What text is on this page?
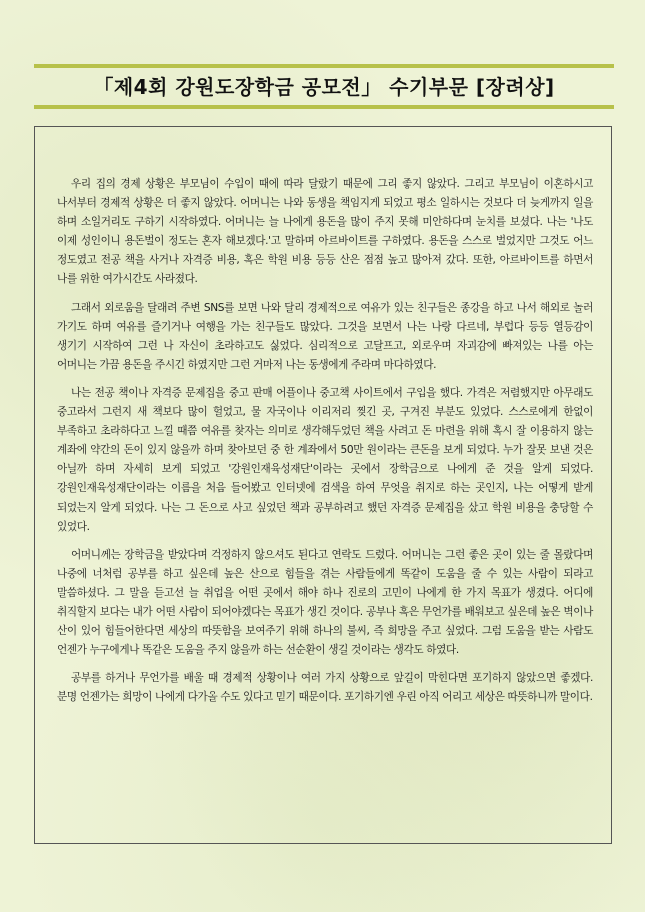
「제4회 강원도장학금 공모전」 수기부문 [장려상]

우리 집의 경제 상황은 부모님이 수입이 때에 따라 달랐기 때문에 그리 좋지 않았다. 그리고 부모님이 이혼하시고 나서부터 경제적 상황은 더 좋지 않았다. 어머니는 나와 동생을 책임지게 되었고 평소 일하시는 것보다 더 늦게까지 일을 하며 소일거리도 구하기 시작하였다. 어머니는 늘 나에게 용돈을 많이 주지 못해 미안하다며 눈치를 보셨다. 나는 '나도 이제 성인이니 용돈벌이 정도는 혼자 해보겠다.'고 말하며 아르바이트를 구하였다. 용돈을 스스로 벌었지만 그것도 어느 정도였고 전공 책을 사거나 자격증 비용, 혹은 학원 비용 등등 산은 점점 높고 많아져 갔다. 또한, 아르바이트를 하면서 나를 위한 여가시간도 사라졌다.

그래서 외로움을 달래려 주변 SNS를 보면 나와 달리 경제적으로 여유가 있는 친구들은 종강을 하고 나서 해외로 놀러 가기도 하며 여유를 즐기거나 여행을 가는 친구들도 많았다. 그것을 보면서 나는 나랑 다르네, 부럽다 등등 열등감이 생기기 시작하여 그런 나 자신이 초라하고도 싫었다. 심리적으로 고달프고, 외로우며 자괴감에 빠져있는 나를 아는 어머니는 가끔 용돈을 주시긴 하였지만 그런 거마저 나는 동생에게 주라며 마다하였다.

나는 전공 책이나 자격증 문제집을 중고 판매 어플이나 중고책 사이트에서 구입을 했다. 가격은 저렴했지만 아무래도 중고라서 그런지 새 책보다 많이 헐었고, 물 자국이나 이리저리 찢긴 곳, 구겨진 부분도 있었다. 스스로에게 한없이 부족하고 초라하다고 느낄 때쯤 여유를 찾자는 의미로 생각해두었던 책을 사려고 돈 마련을 위해 혹시 잘 이용하지 않는 계좌에 약간의 돈이 있지 않을까 하며 찾아보던 중 한 계좌에서 50만 원이라는 큰돈을 보게 되었다. 누가 잘못 보낸 것은 아닐까 하며 자세히 보게 되었고 '강원인재육성재단'이라는 곳에서 장학금으로 나에게 준 것을 알게 되었다. 강원인재육성재단이라는 이름을 처음 들어봤고 인터넷에 검색을 하여 무엇을 취지로 하는 곳인지, 나는 어떻게 받게 되었는지 알게 되었다. 나는 그 돈으로 사고 싶었던 책과 공부하려고 했던 자격증 문제집을 샀고 학원 비용을 충당할 수 있었다.

어머니께는 장학금을 받았다며 걱정하지 않으셔도 된다고 연락도 드렸다. 어머니는 그런 좋은 곳이 있는 줄 몰랐다며 나중에 너처럼 공부를 하고 싶은데 높은 산으로 힘들을 겪는 사람들에게 똑같이 도움을 줄 수 있는 사람이 되라고 말씀하셨다. 그 말을 듣고선 늘 취업을 어떤 곳에서 해야 하나 진로의 고민이 나에게 한 가지 목표가 생겼다. 어디에 취직할지 보다는 내가 어떤 사람이 되어야겠다는 목표가 생긴 것이다. 공부나 혹은 무언가를 배워보고 싶은데 높은 벽이나 산이 있어 힘들어한다면 세상의 따뜻함을 보여주기 위해 하나의 불씨, 즉 희망을 주고 싶었다. 그럼 도움을 받는 사람도 언젠가 누구에게나 똑같은 도움을 주지 않을까 하는 선순환이 생길 것이라는 생각도 하였다.

공부를 하거나 무언가를 배울 때 경제적 상황이나 여러 가지 상황으로 앞길이 막힌다면 포기하지 않았으면 좋겠다. 분명 언젠가는 희망이 나에게 다가올 수도 있다고 믿기 때문이다. 포기하기엔 우린 아직 어리고 세상은 따뜻하니까 말이다.
